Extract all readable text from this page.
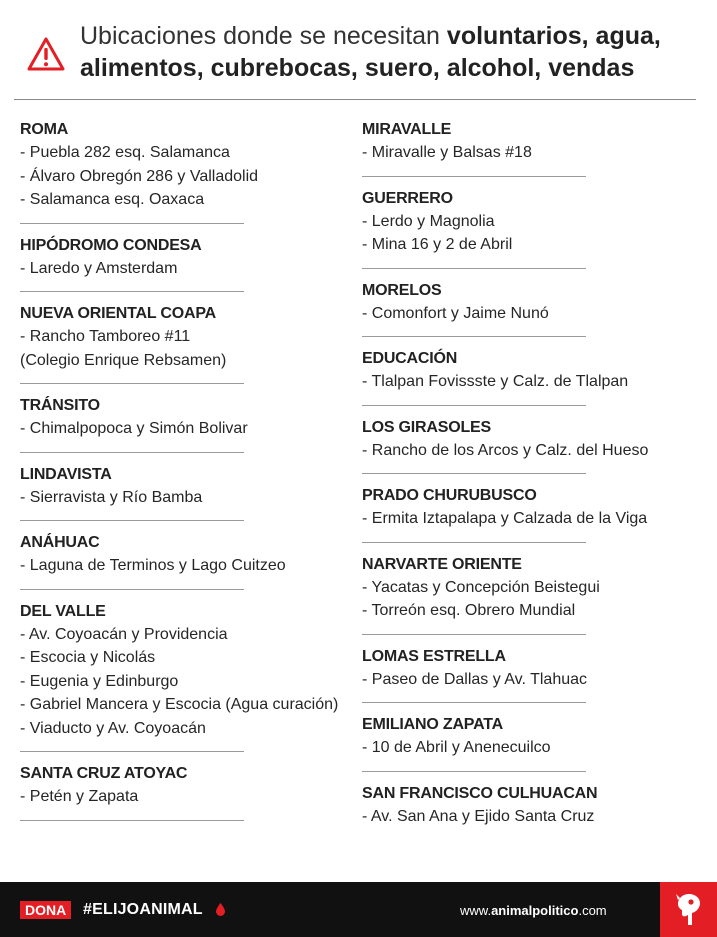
Ubicaciones donde se necesitan voluntarios, agua, alimentos, cubrebocas, suero, alcohol, vendas
ROMA
- Puebla 282 esq. Salamanca
- Álvaro Obregón 286 y Valladolid
- Salamanca esq. Oaxaca
HIPÓDROMO CONDESA
- Laredo y Amsterdam
NUEVA ORIENTAL COAPA
- Rancho Tamboreo #11
(Colegio Enrique Rebsamen)
TRÁNSITO
- Chimalpopoca y Simón Bolivar
LINDAVISTA
- Sierravista y Río Bamba
ANÁHUAC
- Laguna de Terminos y Lago Cuitzeo
DEL VALLE
- Av. Coyoacán y Providencia
- Escocia y Nicolás
- Eugenia y Edinburgo
- Gabriel Mancera y Escocia (Agua curación)
- Viaducto y Av. Coyoacán
SANTA CRUZ ATOYAC
- Petén y Zapata
MIRAVALLE
- Miravalle y Balsas #18
GUERRERO
- Lerdo y Magnolia
- Mina 16 y 2 de Abril
MORELOS
- Comonfort y Jaime Nunó
EDUCACIÓN
- Tlalpan Fovissste y Calz. de Tlalpan
LOS GIRASOLES
- Rancho de los Arcos y Calz. del Hueso
PRADO CHURUBUSCO
- Ermita Iztapalapa y Calzada de la Viga
NARVARTE ORIENTE
- Yacatas y Concepción Beistegui
- Torreón esq. Obrero Mundial
LOMAS ESTRELLA
- Paseo de Dallas y Av. Tlahuac
EMILIANO ZAPATA
- 10 de Abril y Anenecuilco
SAN FRANCISCO CULHUACAN
- Av. San Ana y Ejido Santa Cruz
DONA	#ELIJOANIMAL	www.animalpolitico.com
